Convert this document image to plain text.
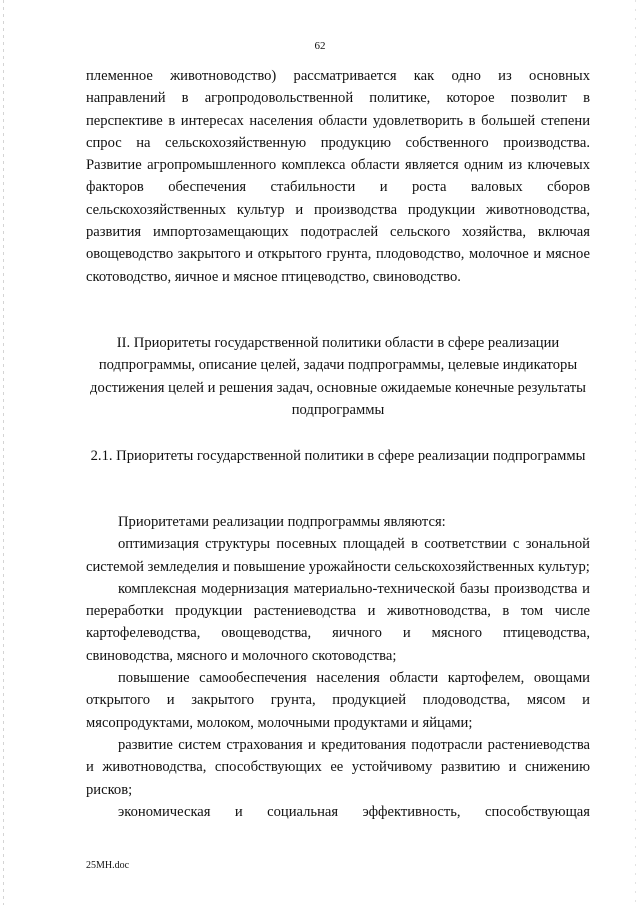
62

племенное животноводство) рассматривается как одно из основных направлений в агропродовольственной политике, которое позволит в перспективе в интересах населения области удовлетворить в большей степени спрос на сельскохозяйственную продукцию собственного производства. Развитие агропромышленного комплекса области является одним из ключевых факторов обеспечения стабильности и роста валовых сборов сельскохозяйственных культур и производства продукции животноводства, развития импортозамещающих подотраслей сельского хозяйства, включая овощеводство закрытого и открытого грунта, плодоводство, молочное и мясное скотоводство, яичное и мясное птицеводство, свиноводство.

II. Приоритеты государственной политики области в сфере реализации подпрограммы, описание целей, задачи подпрограммы, целевые индикаторы достижения целей и решения задач, основные ожидаемые конечные результаты подпрограммы

2.1. Приоритеты государственной политики в сфере реализации подпрограммы

Приоритетами реализации подпрограммы являются:

оптимизация структуры посевных площадей в соответствии с зональной системой земледелия и повышение урожайности сельскохозяйственных культур;

комплексная модернизация материально-технической базы производства и переработки продукции растениеводства и животноводства, в том числе картофелеводства, овощеводства, яичного и мясного птицеводства, свиноводства, мясного и молочного скотоводства;

повышение самообеспечения населения области картофелем, овощами открытого и закрытого грунта, продукцией плодоводства, мясом и мясопродуктами, молоком, молочными продуктами и яйцами;

развитие систем страхования и кредитования подотрасли растениеводства и животноводства, способствующих ее устойчивому развитию и снижению рисков;

экономическая и социальная эффективность, способствующая

25МН.doc
